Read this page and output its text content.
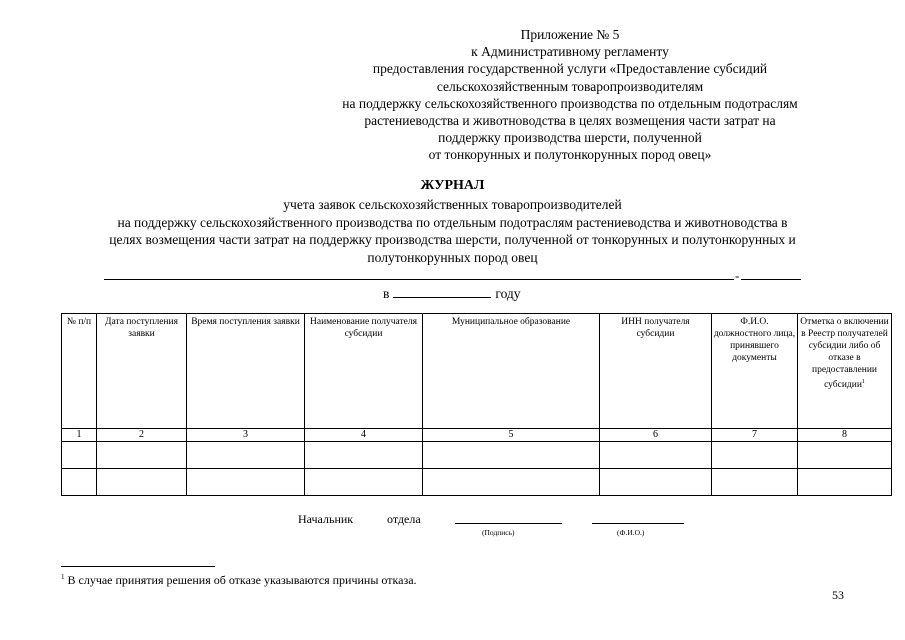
Приложение № 5
к Административному регламенту
предоставления государственной услуги «Предоставление субсидий
сельскохозяйственным товаропроизводителям
на поддержку сельскохозяйственного производства по отдельным подотраслям
растениеводства и животноводства в целях возмещения части затрат на
поддержку производства шерсти, полученной
от тонкорунных и полутонкорунных пород овец»
ЖУРНАЛ
учета заявок сельскохозяйственных товаропроизводителей
на поддержку сельскохозяйственного производства по отдельным подотраслям растениеводства и животноводства в
целях возмещения части затрат на поддержку производства шерсти, полученной от тонкорунных и полутонкорунных и
полутонкорунных пород овец
-
в	году
№ п/п	Дата поступления заявки	Время поступления заявки	Наименование получателя субсидии	Муниципальное образование	ИНН получателя субсидии	Ф.И.О. должностного лица, принявшего документы	Отметка о включении в Реестр получателей субсидии либо об отказе в предоставлении субсидии$^1$
1	2	3	4	5	6	7	8

Начальник	отдела
(Подпись)	(Ф.И.О.)
$^1$ В случае принятия решения об отказе указываются причины отказа.
53
